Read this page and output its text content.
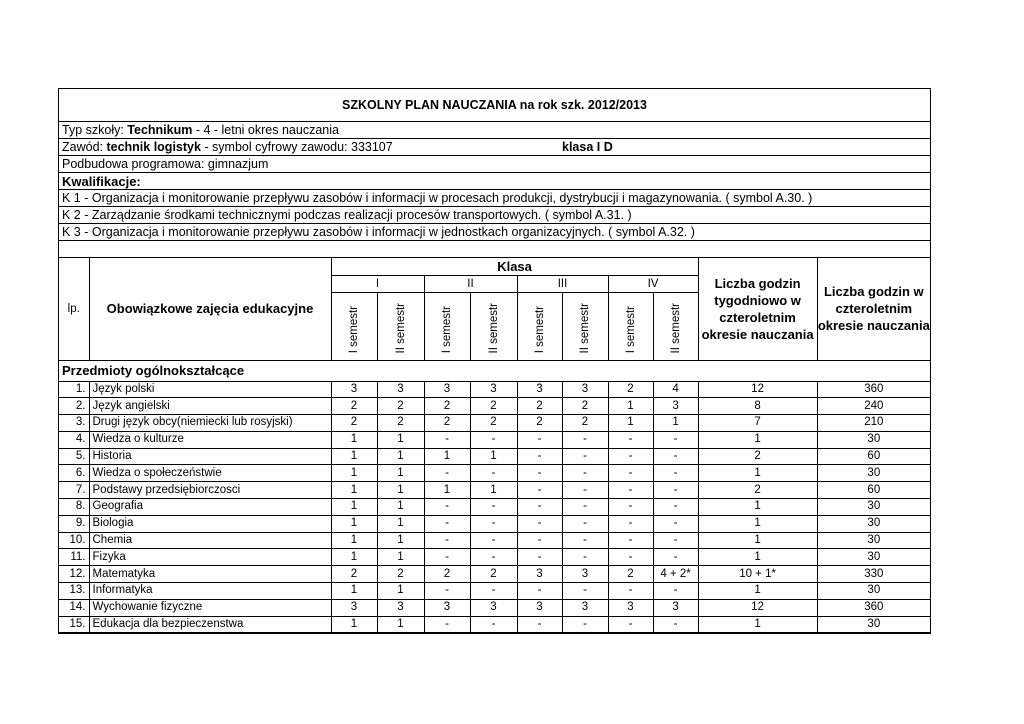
SZKOLNY PLAN NAUCZANIA na rok szk. 2012/2013
Typ szkoły: Technikum - 4 - letni okres nauczania
Zawód: technik logistyk - symbol cyfrowy zawodu: 333107	klasa I D
Podbudowa programowa: gimnazjum
Kwalifikacje:
K 1 - Organizacja i monitorowanie przepływu zasobów i informacji w procesach produkcji, dystrybucji i magazynowania. ( symbol A.30. )
K 2 - Zarządzanie środkami technicznymi podczas realizacji procesów transportowych. ( symbol A.31. )
K 3 - Organizacja i monitorowanie przepływu zasobów i informacji w jednostkach organizacyjnych. ( symbol A.32. )
lp.	Obowiązkowe zajęcia edukacyjne	Klasa								Liczba godzin tygodniowo w czteroletnim okresie nauczania	Liczba godzin w czteroletnim okresie nauczania
		I		II		III		IV			

		I semestr	II semestr	I semestr	II semestr	I semestr	II semestr	I semestr	II semestr		

Przedmioty ogólnokształcące											
1.	Język polski	3	3	3	3	3	3	2	4	12	360
2.	Język angielski	2	2	2	2	2	2	1	3	8	240
3.	Drugi język obcy(niemiecki lub rosyjski)	2	2	2	2	2	2	1	1	7	210
4.	Wiedza o kulturze	1	1	-	-	-	-	-	-	1	30
5.	Historia	1	1	1	1	-	-	-	-	2	60
6.	Wiedza o społeczeństwie	1	1	-	-	-	-	-	-	1	30
7.	Podstawy przedsiębiorczosci	1	1	1	1	-	-	-	-	2	60
8.	Geografia	1	1	-	-	-	-	-	-	1	30
9.	Biologia	1	1	-	-	-	-	-	-	1	30
10.	Chemia	1	1	-	-	-	-	-	-	1	30
11.	Fizyka	1	1	-	-	-	-	-	-	1	30
12.	Matematyka	2	2	2	2	3	3	2	4 + 2*	10 + 1*	330
13.	Informatyka	1	1	-	-	-	-	-	-	1	30
14.	Wychowanie fizyczne	3	3	3	3	3	3	3	3	12	360
15.	Edukacja dla bezpieczenstwa	1	1	-	-	-	-	-	-	1	30
